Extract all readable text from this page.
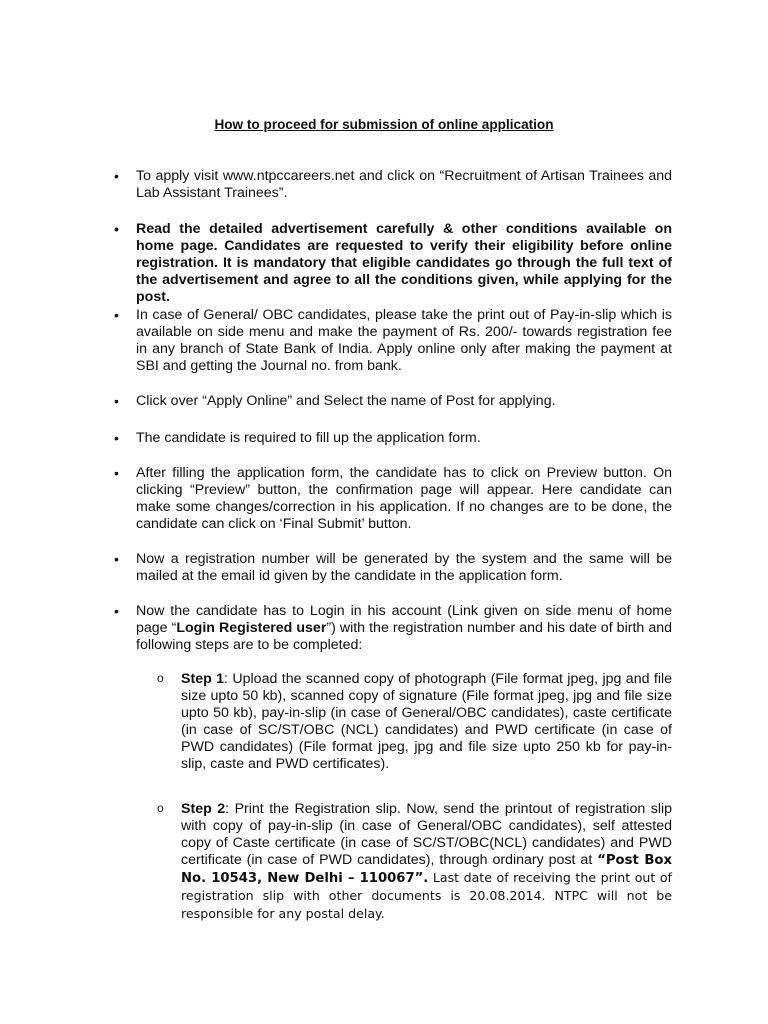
How to proceed for submission of online application
• To apply visit www.ntpccareers.net and click on “Recruitment of Artisan Trainees and Lab Assistant Trainees”.
• Read the detailed advertisement carefully & other conditions available on home page. Candidates are requested to verify their eligibility before online registration. It is mandatory that eligible candidates go through the full text of the advertisement and agree to all the conditions given, while applying for the post.
• In case of General/ OBC candidates, please take the print out of Pay-in-slip which is available on side menu and make the payment of Rs. 200/- towards registration fee in any branch of State Bank of India. Apply online only after making the payment at SBI and getting the Journal no. from bank.
• Click over “Apply Online” and Select the name of Post for applying.
• The candidate is required to fill up the application form.
• After filling the application form, the candidate has to click on Preview button. On clicking “Preview” button, the confirmation page will appear. Here candidate can make some changes/correction in his application. If no changes are to be done, the candidate can click on ‘Final Submit’ button.
• Now a registration number will be generated by the system and the same will be mailed at the email id given by the candidate in the application form.
• Now the candidate has to Login in his account (Link given on side menu of home page “Login Registered user”) with the registration number and his date of birth and following steps are to be completed:
o Step 1: Upload the scanned copy of photograph (File format jpeg, jpg and file size upto 50 kb), scanned copy of signature (File format jpeg, jpg and file size upto 50 kb), pay-in-slip (in case of General/OBC candidates), caste certificate (in case of SC/ST/OBC (NCL) candidates) and PWD certificate (in case of PWD candidates) (File format jpeg, jpg and file size upto 250 kb for pay-in-slip, caste and PWD certificates).
o Step 2: Print the Registration slip. Now, send the printout of registration slip with copy of pay-in-slip (in case of General/OBC candidates), self attested copy of Caste certificate (in case of SC/ST/OBC(NCL) candidates) and PWD certificate (in case of PWD candidates), through ordinary post at “Post Box No. 10543, New Delhi – 110067”. Last date of receiving the print out of registration slip with other documents is 20.08.2014. NTPC will not be responsible for any postal delay.
